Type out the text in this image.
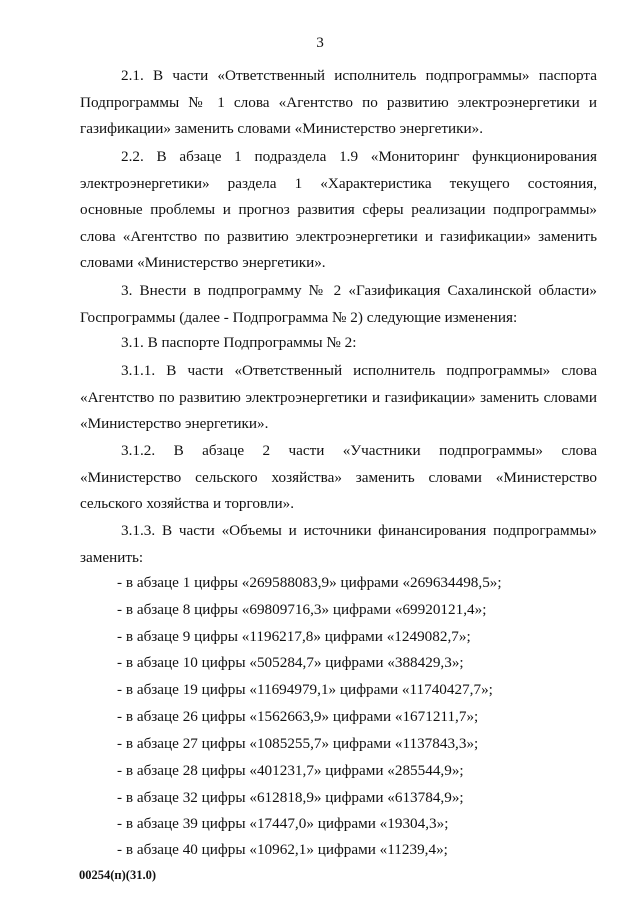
3
2.1. В части «Ответственный исполнитель подпрограммы» паспорта
Подпрограммы № 1 слова «Агентство по развитию электроэнергетики и
газификации» заменить словами «Министерство энергетики».
2.2. В абзаце 1 подраздела 1.9 «Мониторинг функционирования
электроэнергетики» раздела 1 «Характеристика текущего состояния,
основные проблемы и прогноз развития сферы реализации подпрограммы»
слова «Агентство по развитию электроэнергетики и газификации» заменить
словами «Министерство энергетики».
3. Внести в подпрограмму № 2 «Газификация Сахалинской области»
Госпрограммы (далее - Подпрограмма № 2) следующие изменения:
3.1. В паспорте Подпрограммы № 2:
3.1.1. В части «Ответственный исполнитель подпрограммы» слова
«Агентство по развитию электроэнергетики и газификации» заменить словами
«Министерство энергетики».
3.1.2. В абзаце 2 части «Участники подпрограммы» слова
«Министерство сельского хозяйства» заменить словами «Министерство
сельского хозяйства и торговли».
3.1.3. В части «Объемы и источники финансирования подпрограммы»
заменить:
- в абзаце 1 цифры «269588083,9» цифрами «269634498,5»;
- в абзаце 8 цифры «69809716,3» цифрами «69920121,4»;
- в абзаце 9 цифры «1196217,8» цифрами «1249082,7»;
- в абзаце 10 цифры «505284,7» цифрами «388429,3»;
- в абзаце 19 цифры «11694979,1» цифрами «11740427,7»;
- в абзаце 26 цифры «1562663,9» цифрами «1671211,7»;
- в абзаце 27 цифры «1085255,7» цифрами «1137843,3»;
- в абзаце 28 цифры «401231,7» цифрами «285544,9»;
- в абзаце 32 цифры «612818,9» цифрами «613784,9»;
- в абзаце 39 цифры «17447,0» цифрами «19304,3»;
- в абзаце 40 цифры «10962,1» цифрами «11239,4»;
00254(п)(31.0)
